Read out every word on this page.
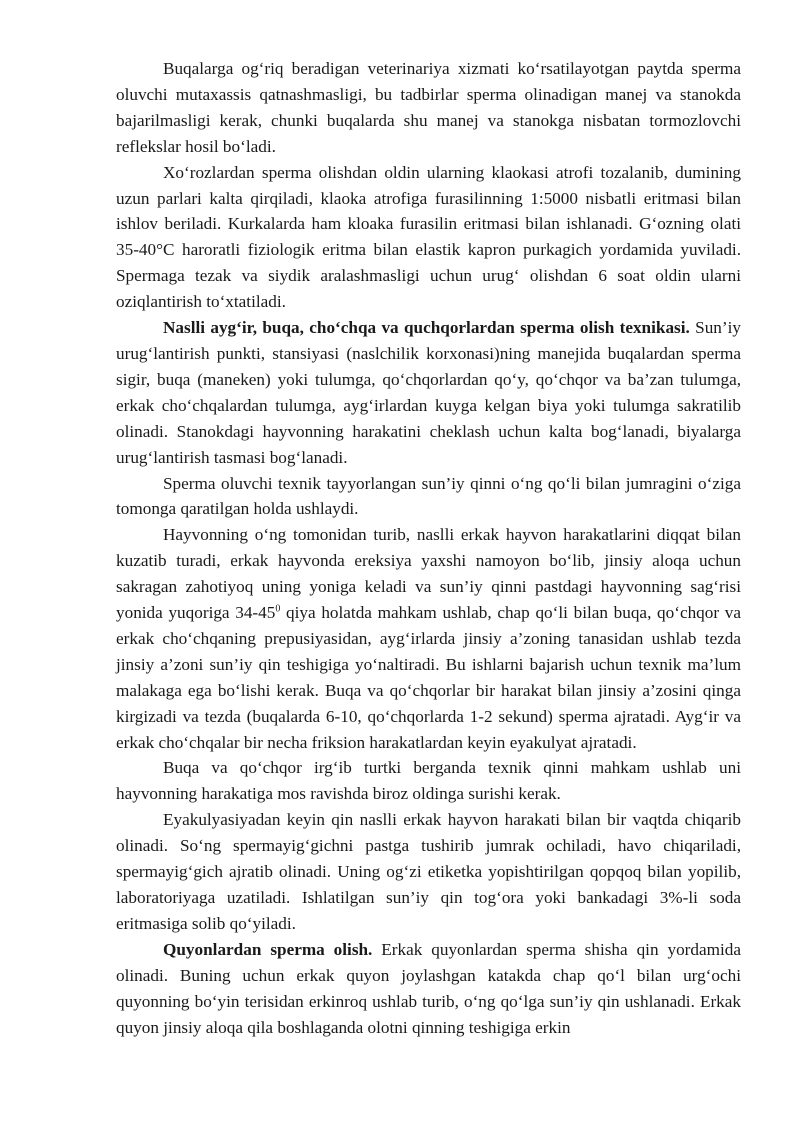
Buqalarga og‘riq beradigan veterinariya xizmati ko‘rsatilayotgan paytda sperma oluvchi mutaxassis qatnashmasligi, bu tadbirlar sperma olinadigan manej va stanokda bajarilmasligi kerak, chunki buqalarda shu manej va stanokga nisbatan tormozlovchi reflekslar hosil bo‘ladi.

Xo‘rozlardan sperma olishdan oldin ularning klaokasi atrofi tozalanib, dumining uzun parlari kalta qirqiladi, klaoka atrofiga furasilinning 1:5000 nisbatli eritmasi bilan ishlov beriladi. Kurkalarda ham kloaka furasilin eritmasi bilan ishlanadi. G‘ozning olati 35-40°C haroratli fiziologik eritma bilan elastik kapron purkagich yordamida yuviladi. Spermaga tezak va siydik aralashmasligi uchun urug‘ olishdan 6 soat oldin ularni oziqlantirish to‘xtatiladi.

Naslli ayg‘ir, buqa, cho‘chqa va quchqorlardan sperma olish texnikasi. Sun’iy urug‘lantirish punkti, stansiyasi (naslchilik korxonasi)ning manejida buqalardan sperma sigir, buqa (maneken) yoki tulumga, qo‘chqorlardan qo‘y, qo‘chqor va ba’zan tulumga, erkak cho‘chqalardan tulumga, ayg‘irlardan kuyga kelgan biya yoki tulumga sakratilib olinadi. Stanokdagi hayvonning harakatini cheklash uchun kalta bog‘lanadi, biyalarga urug‘lantirish tasmasi bog‘lanadi.

Sperma oluvchi texnik tayyorlangan sun’iy qinni o‘ng qo‘li bilan jumragini o‘ziga tomonga qaratilgan holda ushlaydi.

Hayvonning o‘ng tomonidan turib, naslli erkak hayvon harakatlarini diqqat bilan kuzatib turadi, erkak hayvonda ereksiya yaxshi namoyon bo‘lib, jinsiy aloqa uchun sakragan zahotiyoq uning yoniga keladi va sun’iy qinni pastdagi hayvonning sag‘risi yonida yuqoriga $34-45^0$ qiya holatda mahkam ushlab, chap qo‘li bilan buqa, qo‘chqor va erkak cho‘chqaning prepusiyasidan, ayg‘irlarda jinsiy a’zoning tanasidan ushlab tezda jinsiy a’zoni sun’iy qin teshigiga yo‘naltiradi. Bu ishlarni bajarish uchun texnik ma’lum malakaga ega bo‘lishi kerak. Buqa va qo‘chqorlar bir harakat bilan jinsiy a’zosini qinga kirgizadi va tezda (buqalarda 6-10, qo‘chqorlarda 1-2 sekund) sperma ajratadi. Ayg‘ir va erkak cho‘chqalar bir necha friksion harakatlardan keyin eyakulyat ajratadi.

Buqa va qo‘chqor irg‘ib turtki berganda texnik qinni mahkam ushlab uni hayvonning harakatiga mos ravishda biroz oldinga surishi kerak.

Eyakulyasiyadan keyin qin naslli erkak hayvon harakati bilan bir vaqtda chiqarib olinadi. So‘ng spermayig‘gichni pastga tushirib jumrak ochiladi, havo chiqariladi, spermayig‘gich ajratib olinadi. Uning og‘zi etiketka yopishtirilgan qopqoq bilan yopilib, laboratoriyaga uzatiladi. Ishlatilgan sun’iy qin tog‘ora yoki bankadagi 3%-li soda eritmasiga solib qo‘yiladi.

Quyonlardan sperma olish. Erkak quyonlardan sperma shisha qin yordamida olinadi. Buning uchun erkak quyon joylashgan katakda chap qo‘l bilan urg‘ochi quyonning bo‘yin terisidan erkinroq ushlab turib, o‘ng qo‘lga sun’iy qin ushlanadi. Erkak quyon jinsiy aloqa qila boshlaganda olotni qinning teshigiga erkin
